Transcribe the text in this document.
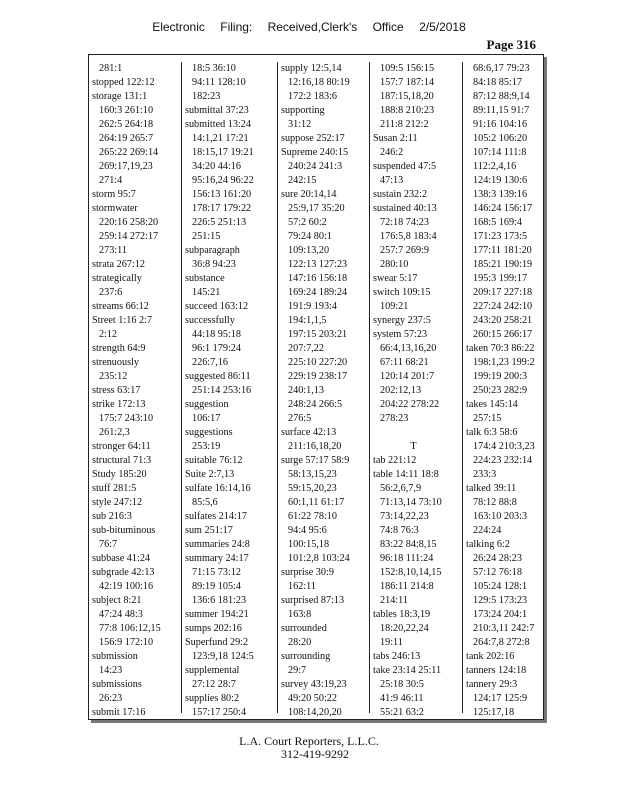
Electronic Filing: Received,Clerk's Office 2/5/2018
Page 316
281:1
stopped 122:12
storage 131:1
160:3 261:10
262:5 264:18
264:19 265:7
265:22 269:14
269:17,19,23
271:4
storm 95:7
stormwater
220:16 258:20
259:14 272:17
273:11
strata 267:12
strategically
237:6
streams 66:12
Street 1:16 2:7
2:12
strength 64:9
strenuously
235:12
stress 63:17
strike 172:13
175:7 243:10
261:2,3
stronger 64:11
structural 71:3
Study 185:20
stuff 281:5
style 247:12
sub 216:3
sub-bituminous
76:7
subbase 41:24
subgrade 42:13
42:19 100:16
subject 8:21
47:24 48:3
77:8 106:12,15
156:9 172:10
submission
14:23
submissions
26:23
submit 17:16
18:5 36:10
94:11 128:10
182:23
submittal 37:23
submitted 13:24
14:1,21 17:21
18:15,17 19:21
34:20 44:16
95:16,24 96:22
156:13 161:20
178:17 179:22
226:5 251:13
251:15
subparagraph
36:8 94:23
substance
145:21
succeed 163:12
successfully
44:18 95:18
96:1 179:24
226:7,16
suggested 86:11
251:14 253:16
suggestion
106:17
suggestions
253:19
suitable 76:12
Suite 2:7,13
sulfate 16:14,16
85:5,6
sulfates 214:17
sum 251:17
summaries 24:8
summary 24:17
71:15 73:12
89:19 105:4
136:6 181:23
summer 194:21
sumps 202:16
Superfund 29:2
123:9,18 124:5
supplemental
27:12 28:7
supplies 80:2
157:17 250:4
supply 12:5,14
12:16,18 80:19
172:2 183:6
supporting
31:12
suppose 252:17
Supreme 240:15
240:24 241:3
242:15
sure 20:14,14
25:9,17 35:20
57:2 60:2
79:24 80:1
109:13,20
122:13 127:23
147:16 156:18
169:24 189:24
191:9 193:4
194:1,1,5
197:15 203:21
207:7,22
225:10 227:20
229:19 238:17
240:1,13
248:24 266:5
276:5
surface 42:13
211:16,18,20
surge 57:17 58:9
58:13,15,23
59:15,20,23
60:1,11 61:17
61:22 78:10
94:4 95:6
100:15,18
101:2,8 103:24
surprise 30:9
162:11
surprised 87:13
163:8
surrounded
28:20
surrounding
29:7
survey 43:19,23
49:20 50:22
108:14,20,20
109:5 156:15
157:7 187:14
187:15,18,20
188:8 210:23
211:8 212:2
Susan 2:11
246:2
suspended 47:5
47:13
sustain 232:2
sustained 40:13
72:18 74:23
176:5,8 183:4
257:7 269:9
280:10
swear 5:17
switch 109:15
109:21
synergy 237:5
system 57:23
66:4,13,16,20
67:11 68:21
120:14 201:7
202:12,13
204:22 278:22
278:23
T
tab 221:12
table 14:11 18:8
56:2,6,7,9
71:13,14 73:10
73:14,22,23
74:8 76:3
83:22 84:8,15
96:18 111:24
152:8,10,14,15
186:11 214:8
214:11
tables 18:3,19
18:20,22,24
19:11
tabs 246:13
take 23:14 25:11
25:18 30:5
41:9 46:11
55:21 63:2
68:6,17 79:23
84:18 85:17
87:12 88:9,14
89:11,15 91:7
91:16 104:16
105:2 106:20
107:14 111:8
112:2,4,16
124:19 130:6
138:3 139:16
146:24 156:17
168:5 169:4
171:23 173:5
177:11 181:20
185:21 190:19
195:3 199:17
209:17 227:18
227:24 242:10
243:20 258:21
260:15 266:17
taken 70:3 86:22
198:1,23 199:2
199:19 200:3
250:23 282:9
takes 145:14
257:15
talk 6:3 58:6
174:4 210:3,23
224:23 232:14
233:3
talked 39:11
78:12 88:8
163:10 203:3
224:24
talking 6:2
26:24 28:23
57:12 76:18
105:24 128:1
129:5 173:23
173:24 204:1
210:3,11 242:7
264:7,8 272:8
tank 202:16
tanners 124:18
tannery 29:3
124:17 125:9
125:17,18
L.A. Court Reporters, L.L.C.
312-419-9292
